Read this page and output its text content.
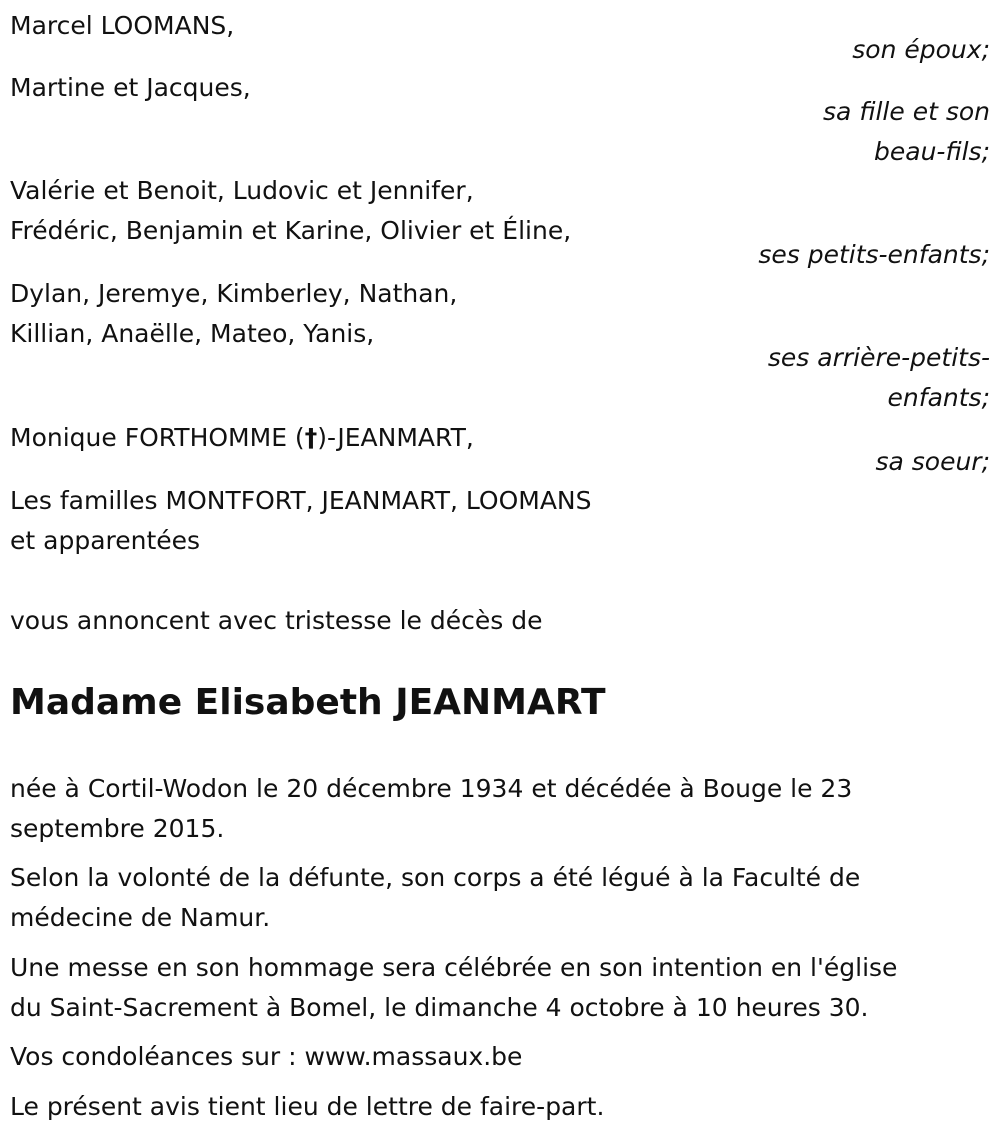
Marcel LOOMANS,

son époux;

Martine et Jacques,

sa fille et son

beau-fils;

Valérie et Benoit, Ludovic et Jennifer,

Frédéric, Benjamin et Karine, Olivier et Éline,

ses petits-enfants;

Dylan, Jeremye, Kimberley, Nathan,

Killian, Anaëlle, Mateo, Yanis,

ses arrière-petits-

enfants;

Monique FORTHOMME (†)-JEANMART,

sa soeur;

Les familles MONTFORT, JEANMART, LOOMANS

et apparentées

vous annoncent avec tristesse le décès de

Madame Elisabeth JEANMART

née à Cortil-Wodon le 20 décembre 1934 et décédée à Bouge le 23

septembre 2015.

Selon la volonté de la défunte, son corps a été légué à la Faculté de

médecine de Namur.

Une messe en son hommage sera célébrée en son intention en l'église

du Saint-Sacrement à Bomel, le dimanche 4 octobre à 10 heures 30.

Vos condoléances sur : www.massaux.be

Le présent avis tient lieu de lettre de faire-part.
